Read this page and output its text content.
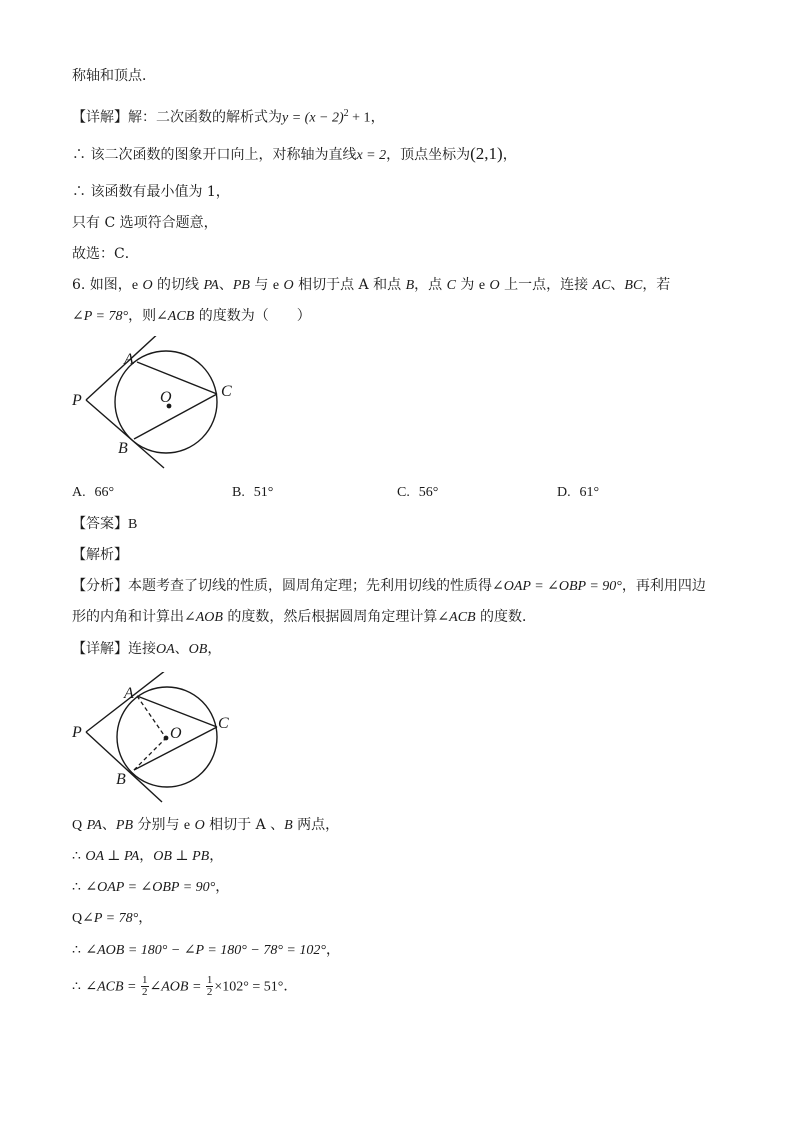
称轴和顶点．
【详解】解：二次函数的解析式为$y = (x - 2)^2 + 1$，
∴ 该二次函数的图象开口向上，对称轴为直线x = 2，顶点坐标为(2,1)，
∴ 该函数有最小值为 1，
只有 C 选项符合题意，
故选：C．
6. 如图，e O 的切线 PA、PB 与 e O 相切于点 A 和点 B，点 C 为 e O 上一点，连接 AC、BC，若
∠P = 78°，则∠ACB 的度数为（　　）
P
A
C
O
B
A. 66°	B. 51°	C. 56°	D. 61°
【答案】B
【解析】
【分析】本题考查了切线的性质，圆周角定理；先利用切线的性质得∠OAP = ∠OBP = 90°，再利用四边
形的内角和计算出∠AOB 的度数，然后根据圆周角定理计算∠ACB 的度数．
【详解】连接OA、OB，
P
A
C
O
B
Q PA、PB 分别与 e O 相切于 A 、B 两点，
∴ OA ⊥ PA，OB ⊥ PB，
∴ ∠OAP = ∠OBP = 90°，
Q∠P = 78°，
∴ ∠AOB = 180° − ∠P = 180° − 78° = 102°，
∴ ∠ACB = $\frac{1}{2}$ ∠AOB = $\frac{1}{2} \times 102^\circ = 51^\circ$．
